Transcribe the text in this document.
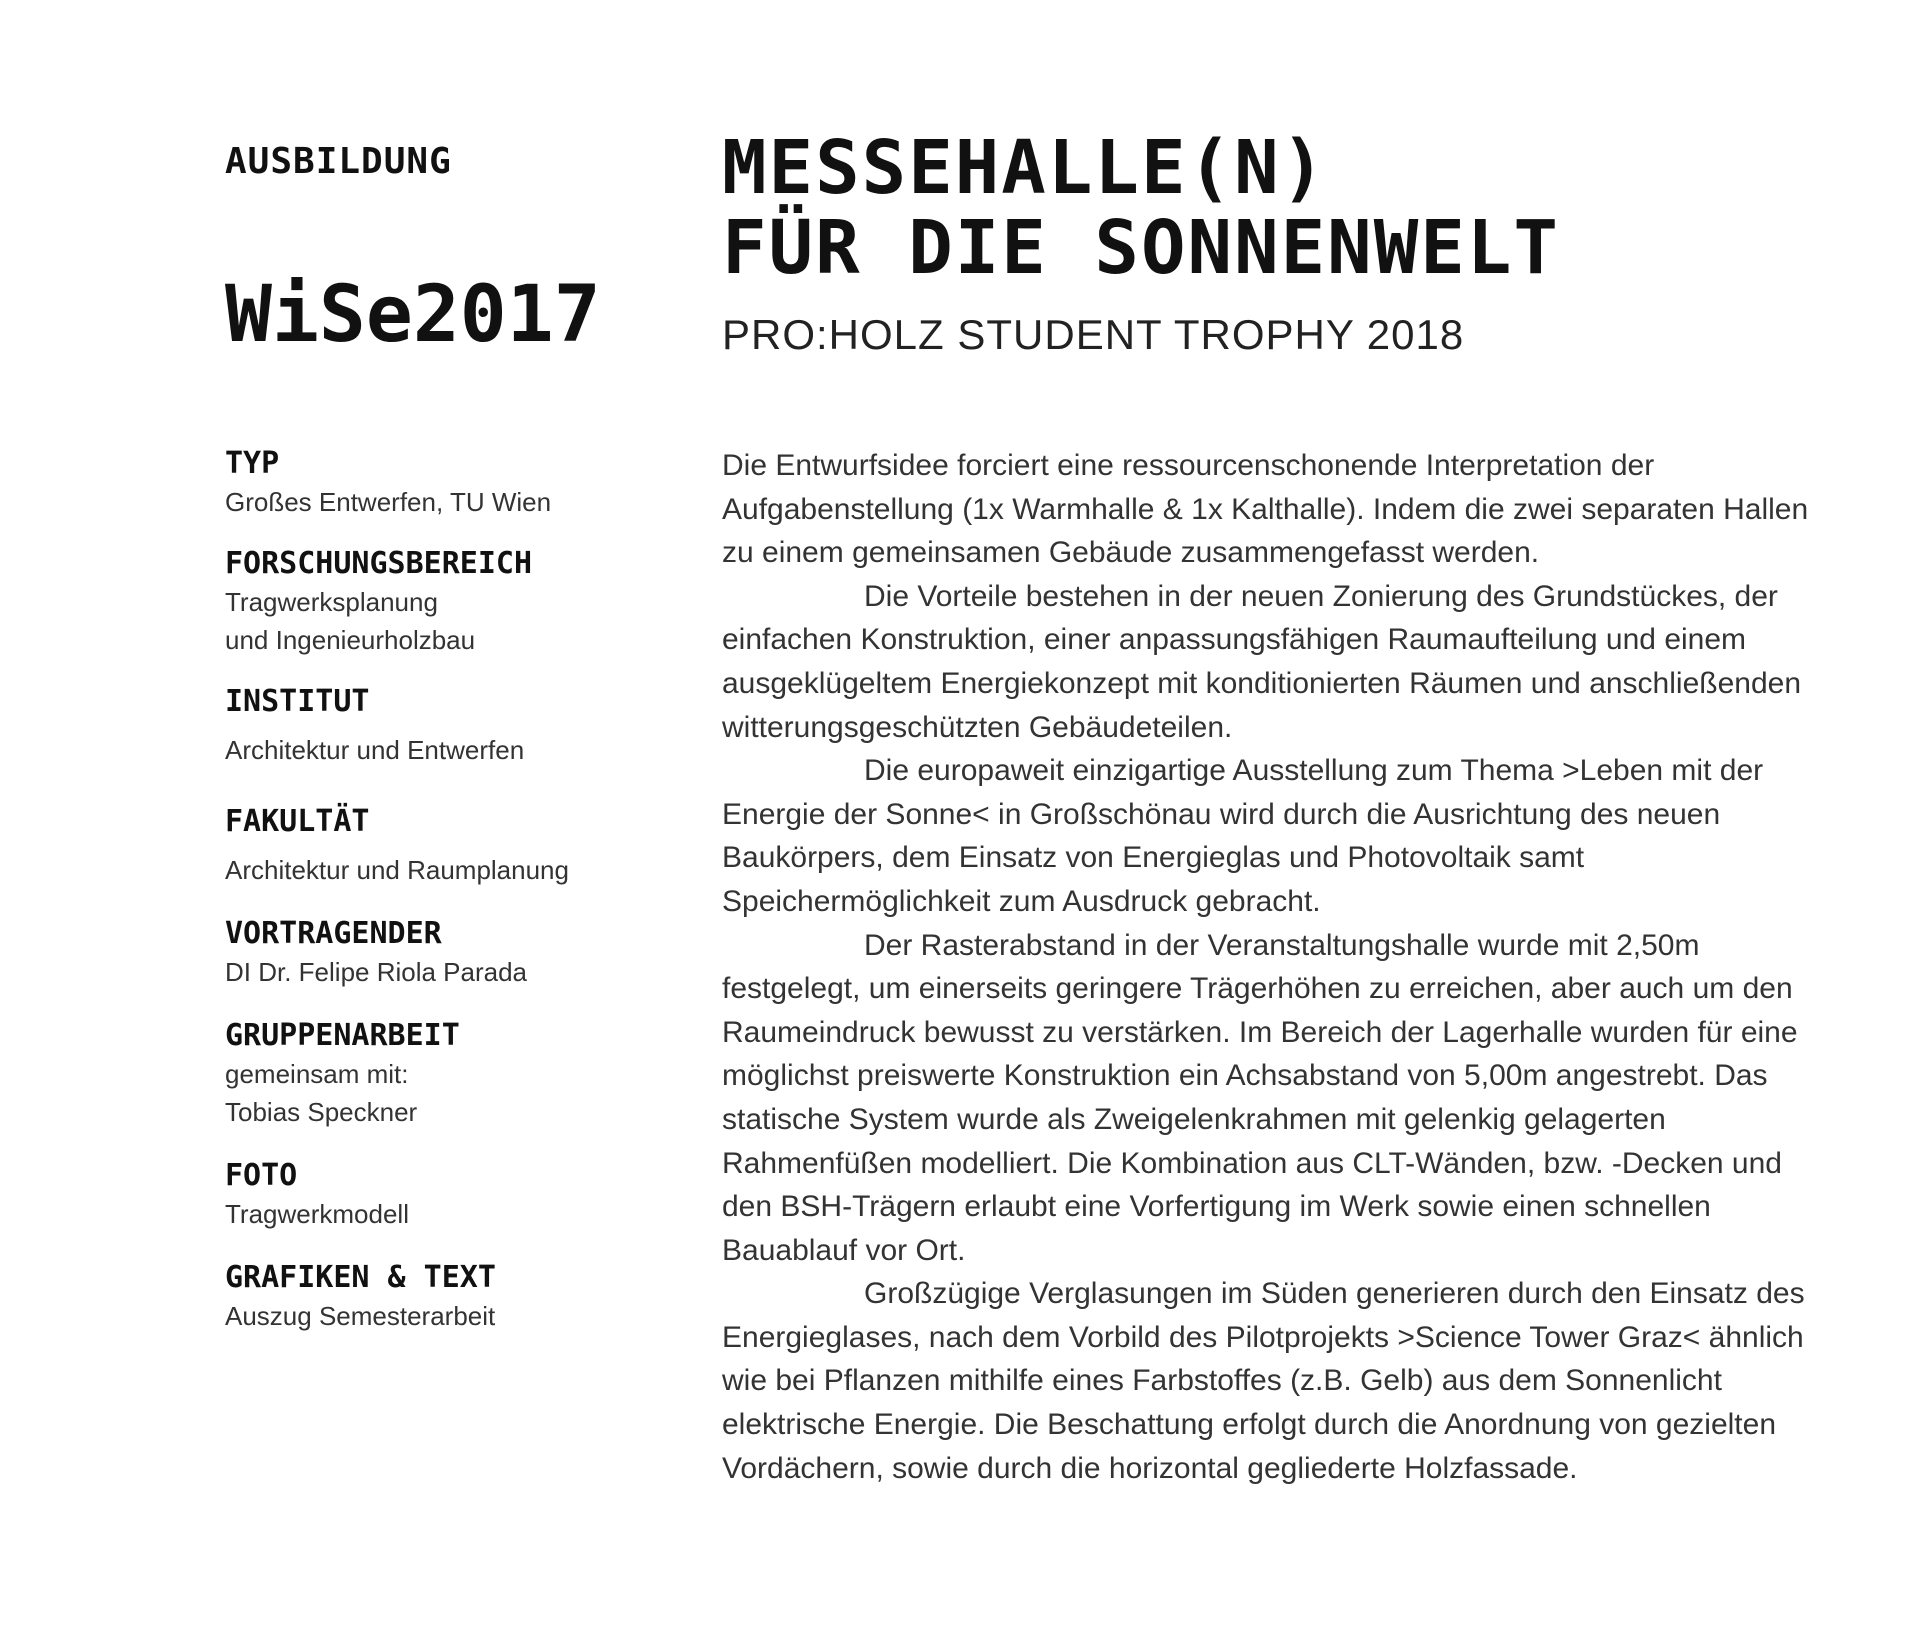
AUSBILDUNG
WiSe2017
MESSEHALLE(N)
FÜR DIE SONNENWELT
PRO:HOLZ STUDENT TROPHY 2018
TYP
Großes Entwerfen, TU Wien
FORSCHUNGSBEREICH
Tragwerksplanung
und Ingenieurholzbau
INSTITUT
Architektur und Entwerfen
FAKULTÄT
Architektur und Raumplanung
VORTRAGENDER
DI Dr. Felipe Riola Parada
GRUPPENARBEIT
gemeinsam mit:
Tobias Speckner
FOTO
Tragwerkmodell
GRAFIKEN & TEXT
Auszug Semesterarbeit

Die Entwurfsidee forciert eine ressourcenschonende Interpretation der Aufgabenstellung (1x Warmhalle & 1x Kalthalle). Indem die zwei separaten Hallen zu einem gemeinsamen Gebäude zusammengefasst werden.

Die Vorteile bestehen in der neuen Zonierung des Grundstückes, der einfachen Konstruktion, einer anpassungsfähigen Raumaufteilung und einem ausgeklügeltem Energiekonzept mit konditionierten Räumen und anschließenden witterungsgeschützten Gebäudeteilen.

Die europaweit einzigartige Ausstellung zum Thema >Leben mit der Energie der Sonne< in Großschönau wird durch die Ausrichtung des neuen Baukörpers, dem Einsatz von Energieglas und Photovoltaik samt Speichermöglichkeit zum Ausdruck gebracht.

Der Rasterabstand in der Veranstaltungshalle wurde mit 2,50m festgelegt, um einerseits geringere Trägerhöhen zu erreichen, aber auch um den Raumeindruck bewusst zu verstärken. Im Bereich der Lagerhalle wurden für eine möglichst preiswerte Konstruktion ein Achsabstand von 5,00m angestrebt. Das statische System wurde als Zweigelenkrahmen mit gelenkig gelagerten Rahmenfüßen modelliert. Die Kombination aus CLT-Wänden, bzw. -Decken und den BSH-Trägern erlaubt eine Vorfertigung im Werk sowie einen schnellen Bauablauf vor Ort.

Großzügige Verglasungen im Süden generieren durch den Einsatz des Energieglases, nach dem Vorbild des Pilotprojekts >Science Tower Graz< ähnlich wie bei Pflanzen mithilfe eines Farbstoffes (z.B. Gelb) aus dem Sonnenlicht elektrische Energie. Die Beschattung erfolgt durch die Anordnung von gezielten Vordächern, sowie durch die horizontal gegliederte Holzfassade.
